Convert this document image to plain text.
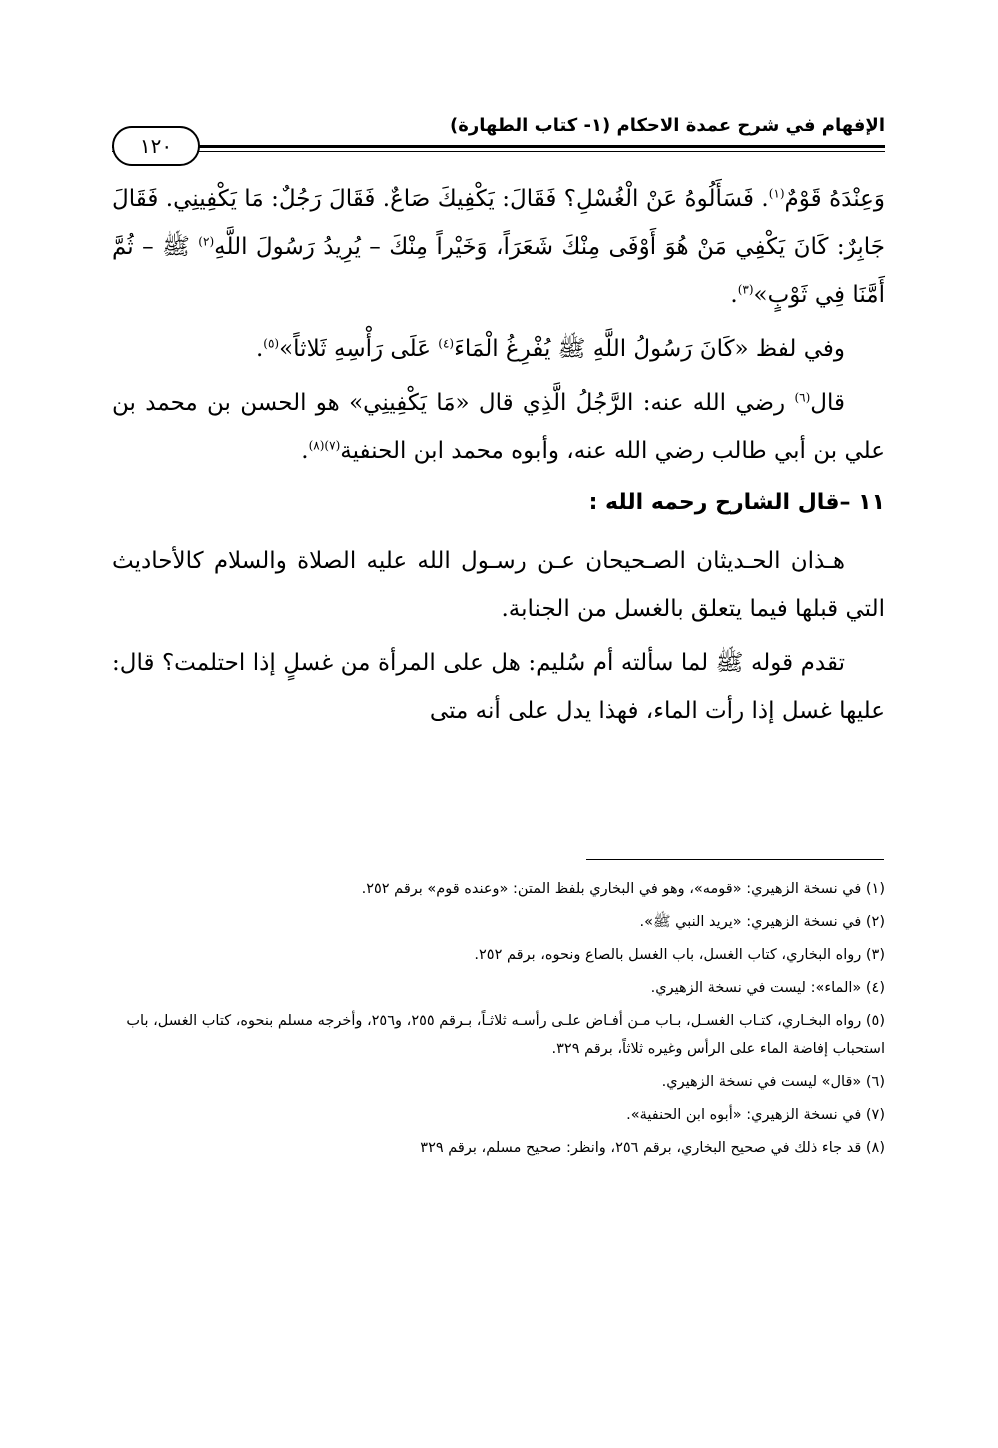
الإفهام في شرح عمدة الاحكام (١- كتاب الطهارة)
١٢٠

وَعِنْدَهُ قَوْمٌ$^{(١)}$. فَسَأَلُوهُ عَنْ الْغُسْلِ؟ فَقَالَ: يَكْفِيكَ صَاعٌ. فَقَالَ رَجُلٌ: مَا يَكْفِينِي. فَقَالَ جَابِرٌ: كَانَ يَكْفِي مَنْ هُوَ أَوْفَى مِنْكَ شَعَرَاً، وَخَيْراً مِنْكَ – يُرِيدُ رَسُولَ اللَّهِ$^{(٢)}$ ﷺ – ثُمَّ أَمَّنَا فِي ثَوْبٍ»$^{(٣)}$.

وفي لفظ «كَانَ رَسُولُ اللَّهِ ﷺ يُفْرِغُ الْمَاءَ$^{(٤)}$ عَلَى رَأْسِهِ ثَلاثاً»$^{(٥)}$.

قال$^{(٦)}$ رضي الله عنه: الرَّجُلُ الَّذِي قال «مَا يَكْفِينِي» هو الحسن بن محمد بن علي بن أبي طالب رضي الله عنه، وأبوه محمد ابن الحنفية$^{(٧)(٨)}$.

١١ –قال الشارح رحمه الله :

هـذان الحـديثان الصـحيحان عـن رسـول الله عليه الصلاة والسلام كالأحاديث التي قبلها فيما يتعلق بالغسل من الجنابة.

تقدم قوله ﷺ لما سألته أم سُليم: هل على المرأة من غسلٍ إذا احتلمت؟ قال: عليها غسل إذا رأت الماء، فهذا يدل على أنه متى

(١) في نسخة الزهيري: «قومه»، وهو في البخاري بلفظ المتن: «وعنده قوم» برقم ٢٥٢.
(٢) في نسخة الزهيري: «يريد النبي ﷺ».
(٣) رواه البخاري، كتاب الغسل، باب الغسل بالصاع ونحوه، برقم ٢٥٢.
(٤) «الماء»: ليست في نسخة الزهيري.
(٥) رواه البخـاري، كتـاب الغسـل، بـاب مـن أفـاض علـى رأسـه ثلاثـاً، بـرقم ٢٥٥، و٢٥٦، وأخرجه مسلم بنحوه، كتاب الغسل، باب استحباب إفاضة الماء على الرأس وغيره ثلاثاً، برقم ٣٢٩.
(٦) «قال» ليست في نسخة الزهيري.
(٧) في نسخة الزهيري: «أبوه ابن الحنفية».
(٨) قد جاء ذلك في صحيح البخاري، برقم ٢٥٦، وانظر: صحيح مسلم، برقم ٣٢٩
